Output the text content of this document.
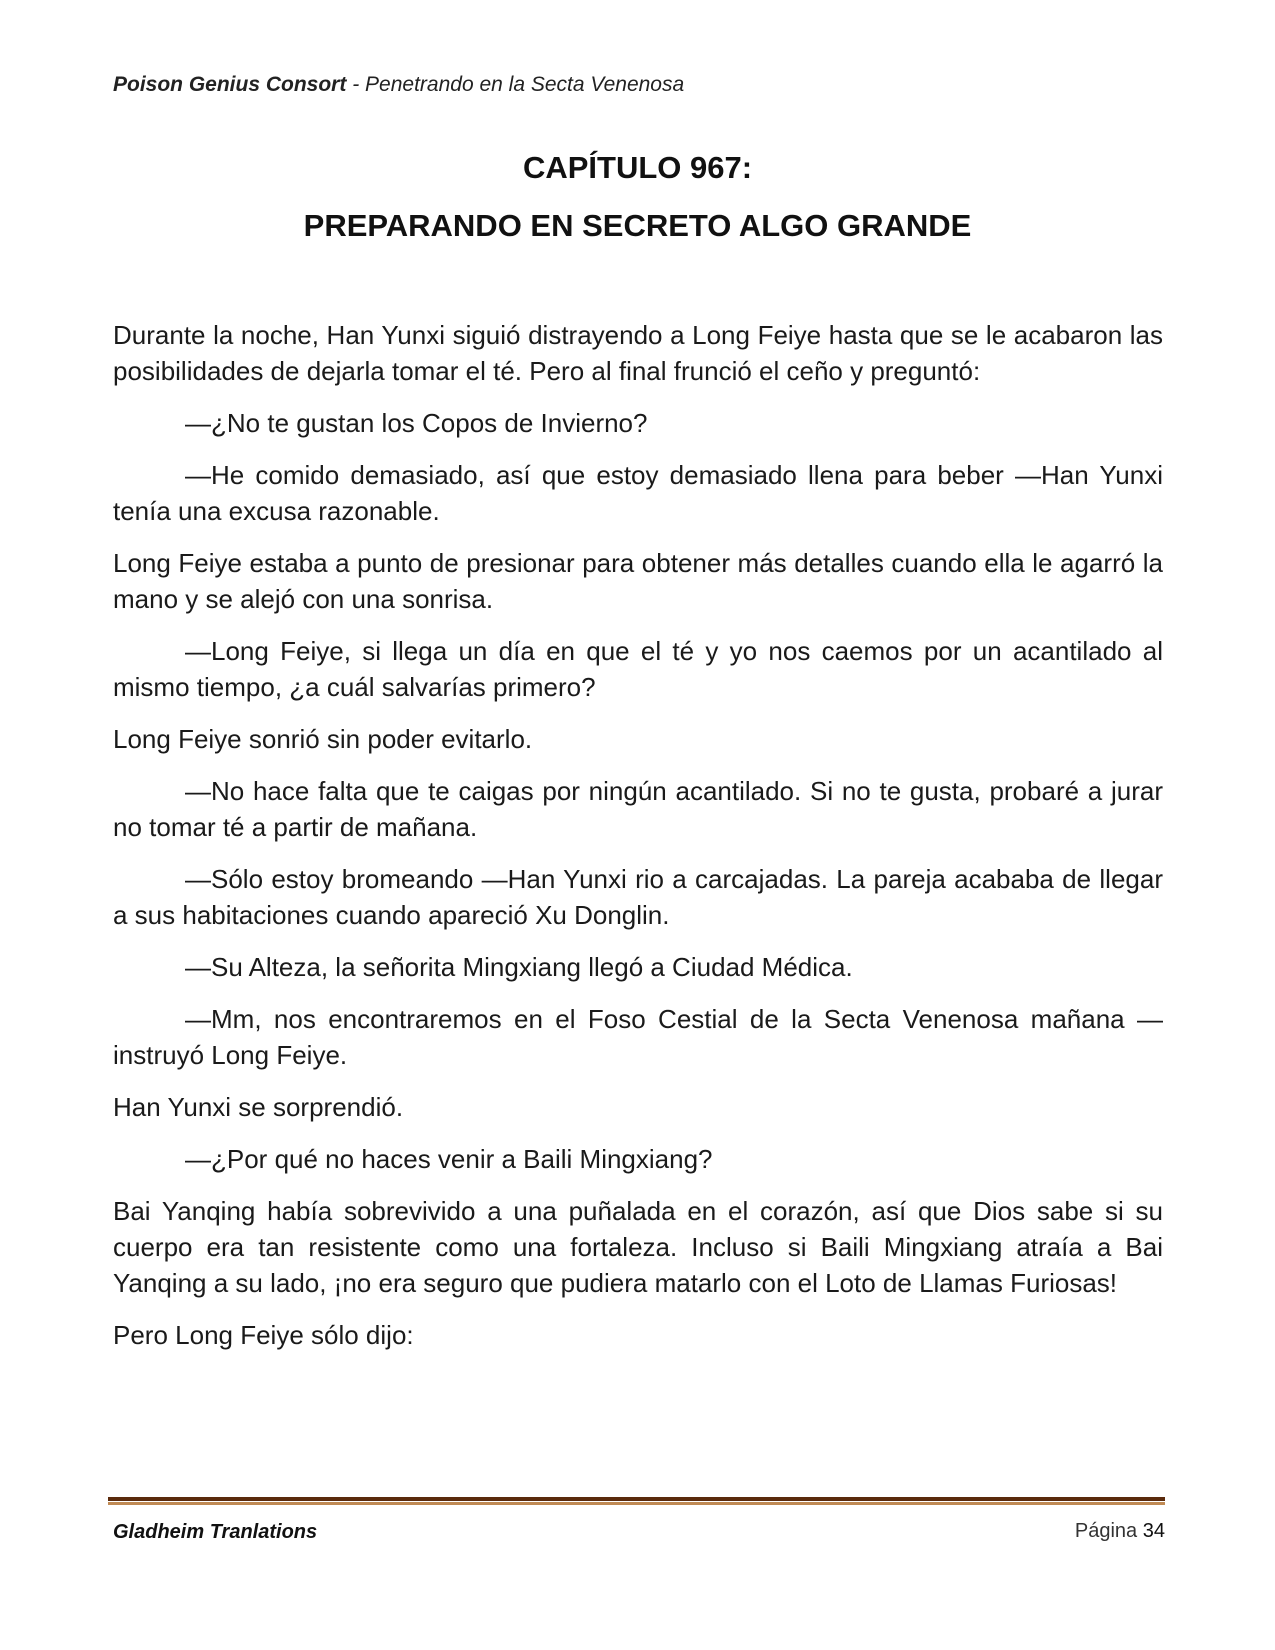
Poison Genius Consort - Penetrando en la Secta Venenosa
CAPÍTULO 967:
PREPARANDO EN SECRETO ALGO GRANDE

Durante la noche, Han Yunxi siguió distrayendo a Long Feiye hasta que se le acabaron las posibilidades de dejarla tomar el té. Pero al final frunció el ceño y preguntó:

—¿No te gustan los Copos de Invierno?

—He comido demasiado, así que estoy demasiado llena para beber —Han Yunxi tenía una excusa razonable.

Long Feiye estaba a punto de presionar para obtener más detalles cuando ella le agarró la mano y se alejó con una sonrisa.

—Long Feiye, si llega un día en que el té y yo nos caemos por un acantilado al mismo tiempo, ¿a cuál salvarías primero?

Long Feiye sonrió sin poder evitarlo.

—No hace falta que te caigas por ningún acantilado. Si no te gusta, probaré a jurar no tomar té a partir de mañana.

—Sólo estoy bromeando —Han Yunxi rio a carcajadas. La pareja acababa de llegar a sus habitaciones cuando apareció Xu Donglin.

—Su Alteza, la señorita Mingxiang llegó a Ciudad Médica.

—Mm, nos encontraremos en el Foso Cestial de la Secta Venenosa mañana —instruyó Long Feiye.

Han Yunxi se sorprendió.

—¿Por qué no haces venir a Baili Mingxiang?

Bai Yanqing había sobrevivido a una puñalada en el corazón, así que Dios sabe si su cuerpo era tan resistente como una fortaleza. Incluso si Baili Mingxiang atraía a Bai Yanqing a su lado, ¡no era seguro que pudiera matarlo con el Loto de Llamas Furiosas!

Pero Long Feiye sólo dijo:

Gladheim Tranlations	Página 34
